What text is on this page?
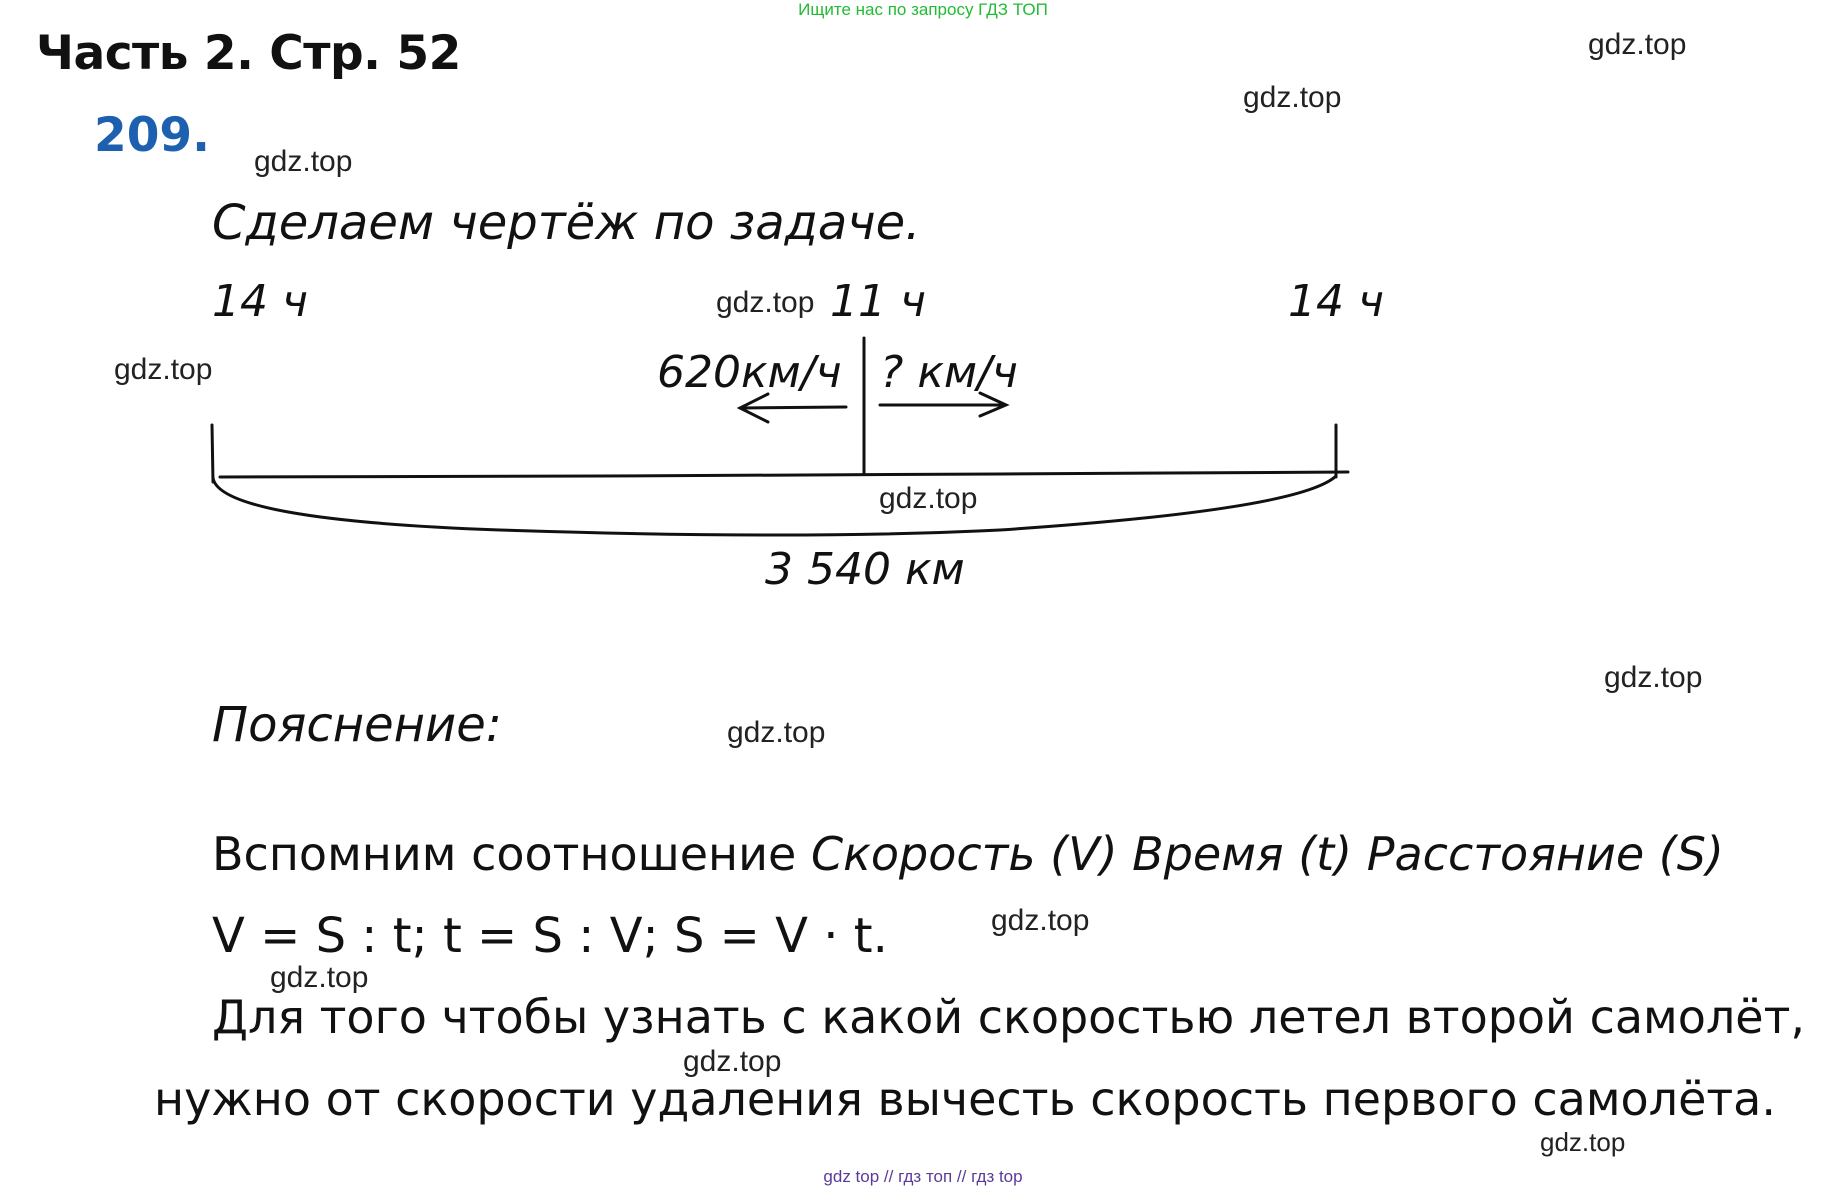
Ищите нас по запросу ГДЗ ТОП
Часть 2. Стр. 52
209.
gdz.top
gdz.top
gdz.top
gdz.top
gdz.top
gdz.top
gdz.top
gdz.top
gdz.top
gdz.top
gdz.top
gdz.top
Сделаем чертёж по задаче.
14 ч	11 ч	14 ч
620км/ч ? км/ч
3 540 км
Пояснение:
Вспомним соотношение Скорость (V) Время (t) Расстояние (S)
V = S : t; t = S : V; S = V · t.
Для того чтобы узнать с какой скоростью летел второй самолёт,
нужно от скорости удаления вычесть скорость первого самолёта.
gdz top // гдз топ // гдз top
